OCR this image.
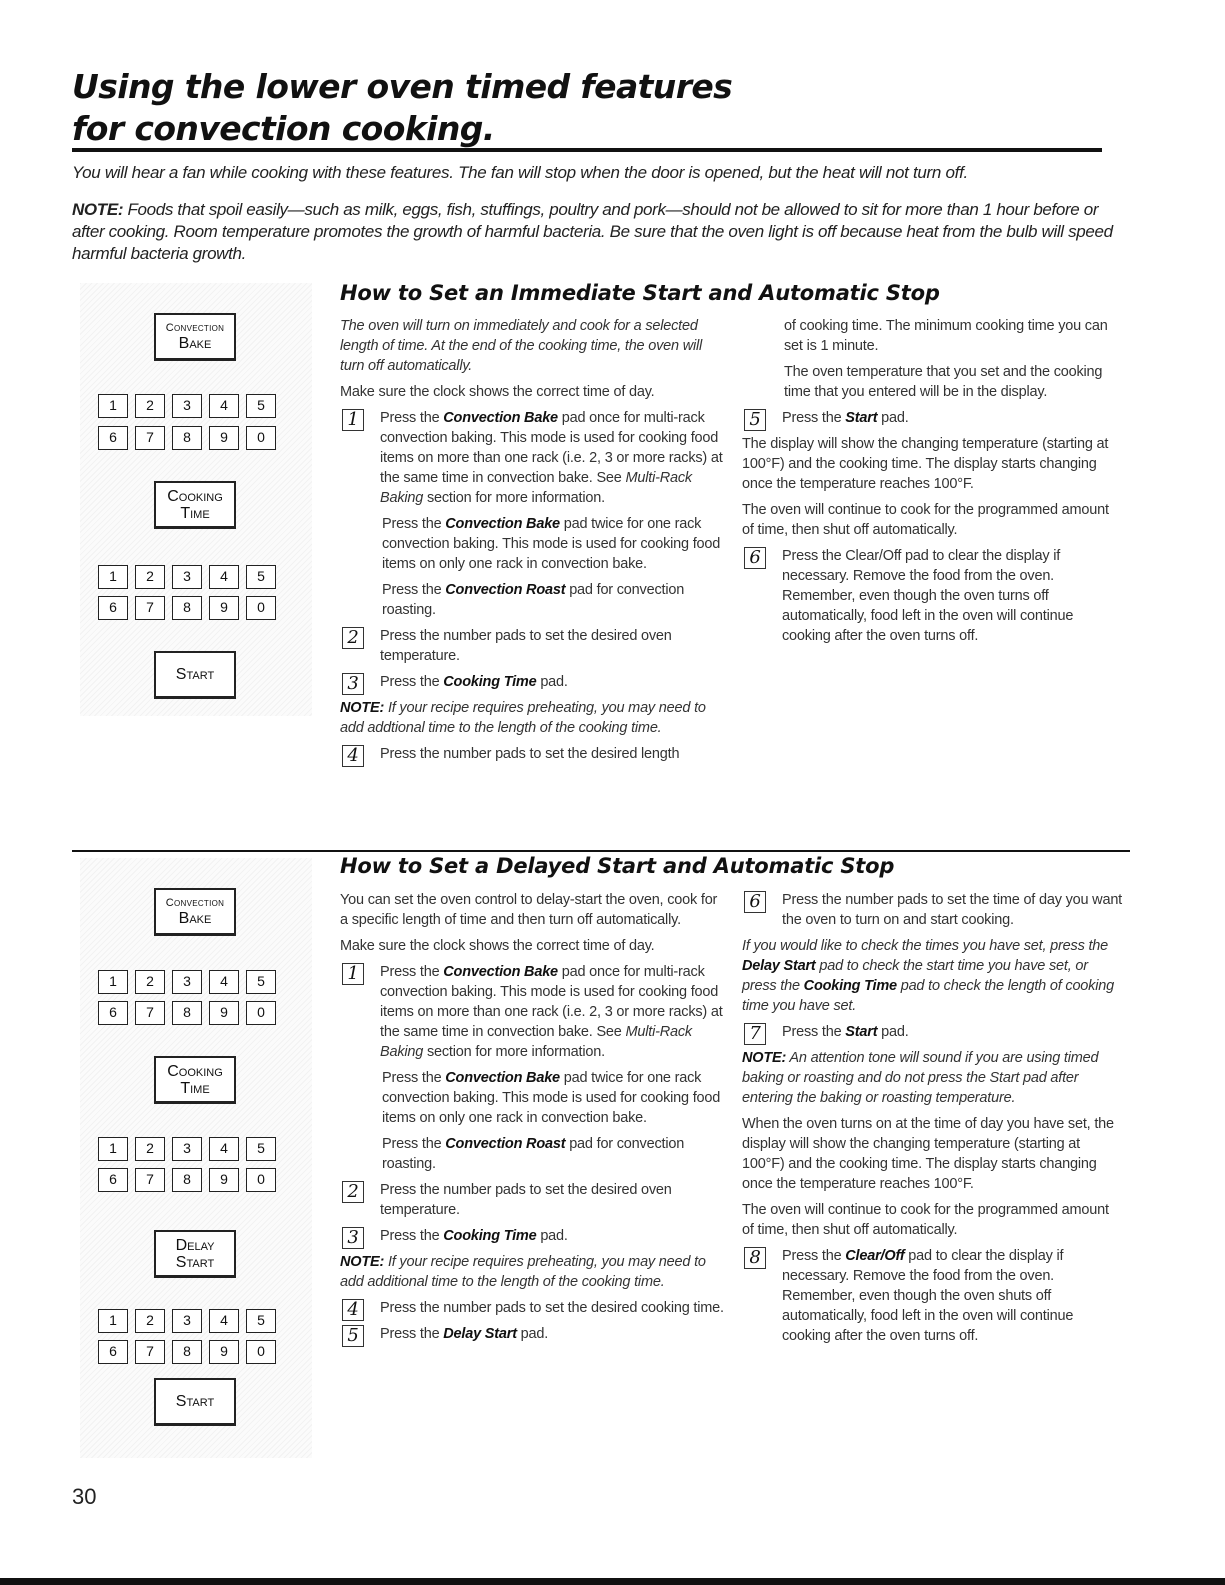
Using the lower oven timed features
for convection cooking.
You will hear a fan while cooking with these features. The fan will stop when the door is opened, but the heat will not turn off.
NOTE: Foods that spoil easily—such as milk, eggs, fish, stuffings, poultry and pork—should not be allowed to sit for more than 1 hour before or after cooking. Room temperature promotes the growth of harmful bacteria. Be sure that the oven light is off because heat from the bulb will speed harmful bacteria growth.
Convection
Bake
1	2	3	4	5
6	7	8	9	0
Cooking
Time
1	2	3	4	5
6	7	8	9	0
Start
How to Set an Immediate Start and Automatic Stop

The oven will turn on immediately and cook for a selected length of time. At the end of the cooking time, the oven will turn off automatically.

Make sure the clock shows the correct time of day.

1	Press the Convection Bake pad once for multi-rack convection baking. This mode is used for cooking food items on more than one rack (i.e. 2, 3 or more racks) at the same time in convection bake. See Multi-Rack Baking section for more information.
Press the Convection Bake pad twice for one rack convection baking. This mode is used for cooking food items on only one rack in convection bake.
Press the Convection Roast pad for convection roasting.
2	Press the number pads to set the desired oven temperature.
3	Press the Cooking Time pad.

NOTE: If your recipe requires preheating, you may need to add addtional time to the length of the cooking time.

4	Press the number pads to set the desired length

of cooking time. The minimum cooking time you can set is 1 minute.

The oven temperature that you set and the cooking time that you entered will be in the display.

5	Press the Start pad.

The display will show the changing temperature (starting at 100°F) and the cooking time. The display starts changing once the temperature reaches 100°F.

The oven will continue to cook for the programmed amount of time, then shut off automatically.

6	Press the Clear/Off pad to clear the display if necessary. Remove the food from the oven. Remember, even though the oven turns off automatically, food left in the oven will continue cooking after the oven turns off.
Convection
Bake
1	2	3	4	5
6	7	8	9	0
Cooking
Time
1	2	3	4	5
6	7	8	9	0
Delay
Start
1	2	3	4	5
6	7	8	9	0
Start
How to Set a Delayed Start and Automatic Stop

You can set the oven control to delay-start the oven, cook for a specific length of time and then turn off automatically.

Make sure the clock shows the correct time of day.

1	Press the Convection Bake pad once for multi-rack convection baking. This mode is used for cooking food items on more than one rack (i.e. 2, 3 or more racks) at the same time in convection bake. See Multi-Rack Baking section for more information.
Press the Convection Bake pad twice for one rack convection baking. This mode is used for cooking food items on only one rack in convection bake.
Press the Convection Roast pad for convection roasting.
2	Press the number pads to set the desired oven temperature.
3	Press the Cooking Time pad.

NOTE: If your recipe requires preheating, you may need to add additional time to the length of the cooking time.

4	Press the number pads to set the desired cooking time.
5	Press the Delay Start pad.
6	Press the number pads to set the time of day you want the oven to turn on and start cooking.

If you would like to check the times you have set, press the Delay Start pad to check the start time you have set, or press the Cooking Time pad to check the length of cooking time you have set.

7	Press the Start pad.

NOTE: An attention tone will sound if you are using timed baking or roasting and do not press the Start pad after entering the baking or roasting temperature.

When the oven turns on at the time of day you have set, the display will show the changing temperature (starting at 100°F) and the cooking time. The display starts changing once the temperature reaches 100°F.

The oven will continue to cook for the programmed amount of time, then shut off automatically.

8	Press the Clear/Off pad to clear the display if necessary. Remove the food from the oven. Remember, even though the oven shuts off automatically, food left in the oven will continue cooking after the oven turns off.
30
